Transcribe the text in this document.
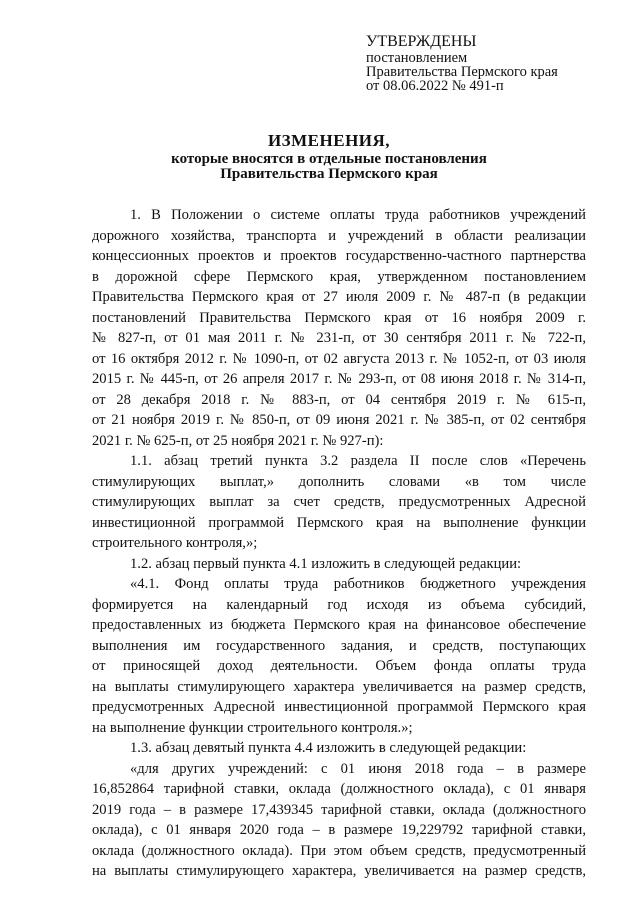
УТВЕРЖДЕНЫ
постановлением
Правительства Пермского края
от 08.06.2022 № 491-п
ИЗМЕНЕНИЯ,
которые вносятся в отдельные постановления
Правительства Пермского края
1. В Положении о системе оплаты труда работников учреждений
дорожного хозяйства, транспорта и учреждений в области реализации
концессионных проектов и проектов государственно-частного партнерства
в дорожной сфере Пермского края, утвержденном постановлением
Правительства Пермского края от 27 июля 2009 г. № 487-п (в редакции
постановлений Правительства Пермского края от 16 ноября 2009 г.
№ 827-п, от 01 мая 2011 г. № 231-п, от 30 сентября 2011 г. № 722-п,
от 16 октября 2012 г. № 1090-п, от 02 августа 2013 г. № 1052-п, от 03 июля
2015 г. № 445-п, от 26 апреля 2017 г. № 293-п, от 08 июня 2018 г. № 314-п,
от 28 декабря 2018 г. № 883-п, от 04 сентября 2019 г. № 615-п,
от 21 ноября 2019 г. № 850-п, от 09 июня 2021 г. № 385-п, от 02 сентября
2021 г. № 625-п, от 25 ноября 2021 г. № 927-п):
1.1. абзац третий пункта 3.2 раздела II после слов «Перечень
стимулирующих выплат,» дополнить словами «в том числе
стимулирующих выплат за счет средств, предусмотренных Адресной
инвестиционной программой Пермского края на выполнение функции
строительного контроля,»;
1.2. абзац первый пункта 4.1 изложить в следующей редакции:
«4.1. Фонд оплаты труда работников бюджетного учреждения
формируется на календарный год исходя из объема субсидий,
предоставленных из бюджета Пермского края на финансовое обеспечение
выполнения им государственного задания, и средств, поступающих
от приносящей доход деятельности. Объем фонда оплаты труда
на выплаты стимулирующего характера увеличивается на размер средств,
предусмотренных Адресной инвестиционной программой Пермского края
на выполнение функции строительного контроля.»;
1.3. абзац девятый пункта 4.4 изложить в следующей редакции:
«для других учреждений: с 01 июня 2018 года – в размере
16,852864 тарифной ставки, оклада (должностного оклада), с 01 января
2019 года – в размере 17,439345 тарифной ставки, оклада (должностного
оклада), с 01 января 2020 года – в размере 19,229792 тарифной ставки,
оклада (должностного оклада). При этом объем средств, предусмотренный
на выплаты стимулирующего характера, увеличивается на размер средств,
